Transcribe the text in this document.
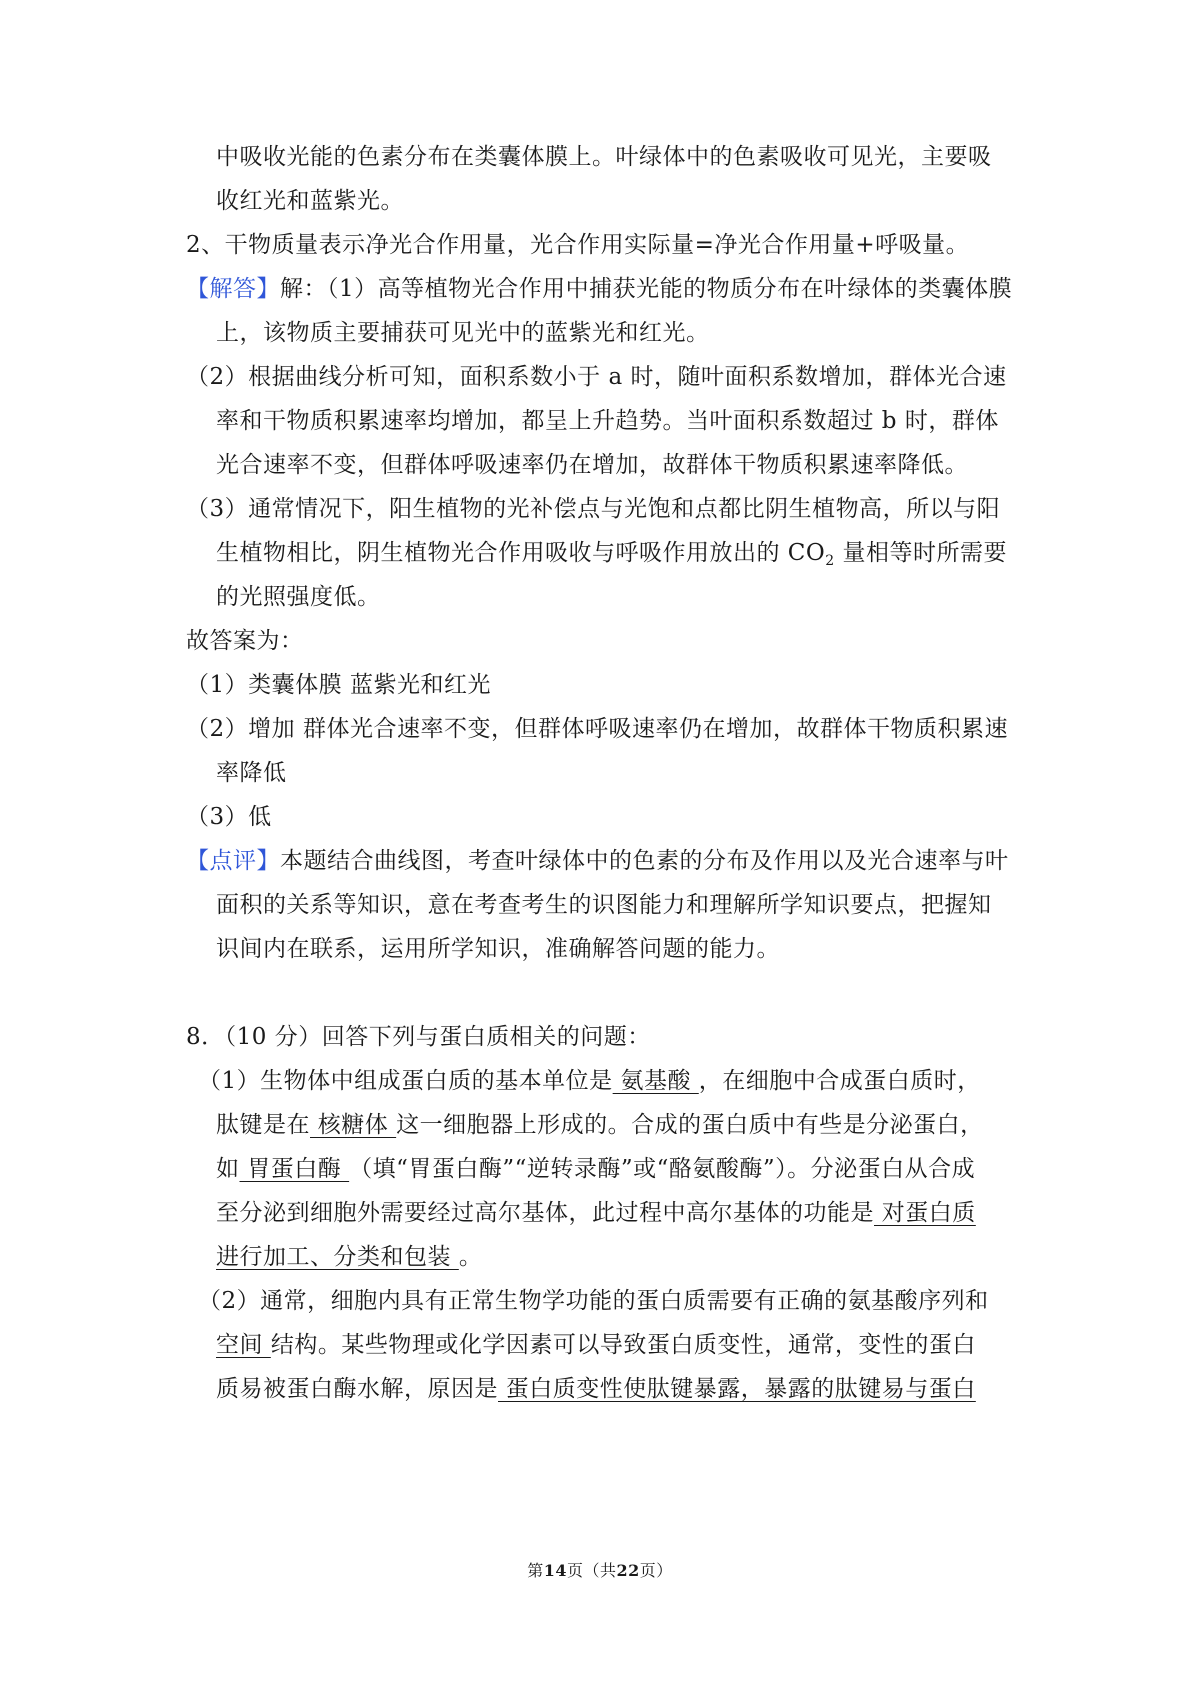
中吸收光能的色素分布在类囊体膜上。叶绿体中的色素吸收可见光，主要吸
收红光和蓝紫光。
2、干物质量表示净光合作用量，光合作用实际量=净光合作用量+呼吸量。
【解答】解：（1）高等植物光合作用中捕获光能的物质分布在叶绿体的类囊体膜
上，该物质主要捕获可见光中的蓝紫光和红光。
（2）根据曲线分析可知，面积系数小于 a 时，随叶面积系数增加，群体光合速
率和干物质积累速率均增加，都呈上升趋势。当叶面积系数超过 b 时，群体
光合速率不变，但群体呼吸速率仍在增加，故群体干物质积累速率降低。
（3）通常情况下，阳生植物的光补偿点与光饱和点都比阴生植物高，所以与阳
生植物相比，阴生植物光合作用吸收与呼吸作用放出的 $CO_2$ 量相等时所需要
的光照强度低。
故答案为：
（1）类囊体膜 蓝紫光和红光
（2）增加 群体光合速率不变，但群体呼吸速率仍在增加，故群体干物质积累速
率降低
（3）低
【点评】本题结合曲线图，考查叶绿体中的色素的分布及作用以及光合速率与叶
面积的关系等知识，意在考查考生的识图能力和理解所学知识要点，把握知
识间内在联系，运用所学知识，准确解答问题的能力。
8．（10 分）回答下列与蛋白质相关的问题：
（1）生物体中组成蛋白质的基本单位是 氨基酸 ，在细胞中合成蛋白质时，
肽键是在 核糖体 这一细胞器上形成的。合成的蛋白质中有些是分泌蛋白，
如 胃蛋白酶 （填“胃蛋白酶”“逆转录酶”或“酪氨酸酶”）。分泌蛋白从合成
至分泌到细胞外需要经过高尔基体，此过程中高尔基体的功能是 对蛋白质
进行加工、分类和包装 。
（2）通常，细胞内具有正常生物学功能的蛋白质需要有正确的氨基酸序列和
空间 结构。某些物理或化学因素可以导致蛋白质变性，通常，变性的蛋白
质易被蛋白酶水解，原因是 蛋白质变性使肽键暴露，暴露的肽键易与蛋白
第14页（共22页）
